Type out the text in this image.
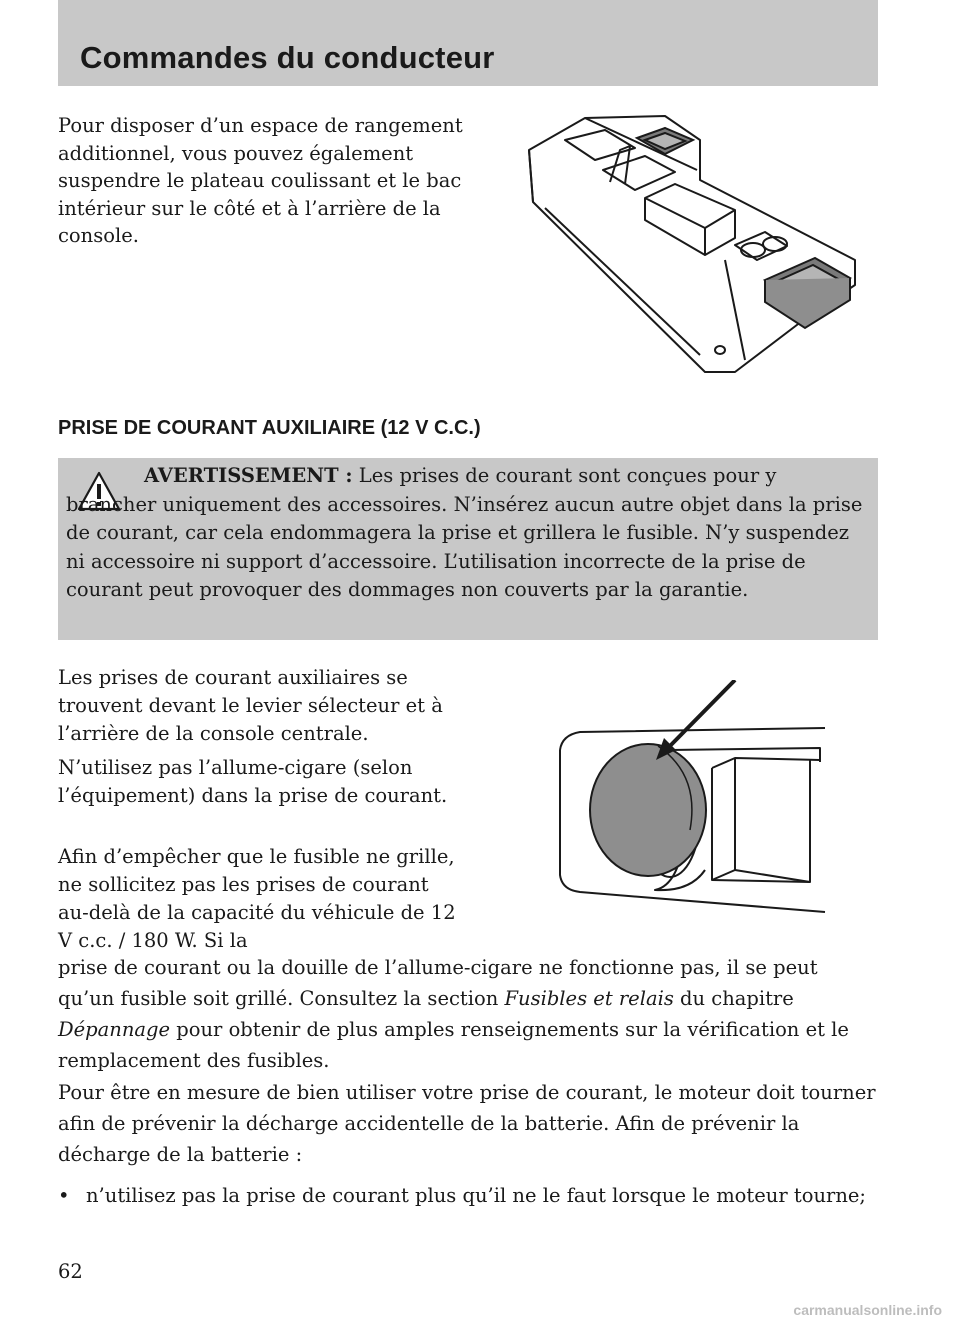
Commandes du conducteur
Pour disposer d’un espace de rangement additionnel, vous pouvez également suspendre le plateau coulissant et le bac intérieur sur le côté et à l’arrière de la console.
PRISE DE COURANT AUXILIAIRE (12 V C.C.)
AVERTISSEMENT : Les prises de courant sont conçues pour y brancher uniquement des accessoires. N’insérez aucun autre objet dans la prise de courant, car cela endommagera la prise et grillera le fusible. N’y suspendez ni accessoire ni support d’accessoire. L’utilisation incorrecte de la prise de courant peut provoquer des dommages non couverts par la garantie.
Les prises de courant auxiliaires se trouvent devant le levier sélecteur et à l’arrière de la console centrale.
N’utilisez pas l’allume-cigare (selon l’équipement) dans la prise de courant.
Afin d’empêcher que le fusible ne grille, ne sollicitez pas les prises de courant au-delà de la capacité du véhicule de 12 V c.c. / 180 W. Si la
prise de courant ou la douille de l’allume-cigare ne fonctionne pas, il se peut qu’un fusible soit grillé. Consultez la section Fusibles et relais du chapitre Dépannage pour obtenir de plus amples renseignements sur la vérification et le remplacement des fusibles.
Pour être en mesure de bien utiliser votre prise de courant, le moteur doit tourner afin de prévenir la décharge accidentelle de la batterie. Afin de prévenir la décharge de la batterie :
• n’utilisez pas la prise de courant plus qu’il ne le faut lorsque le moteur tourne;
62
carmanualsonline.info
